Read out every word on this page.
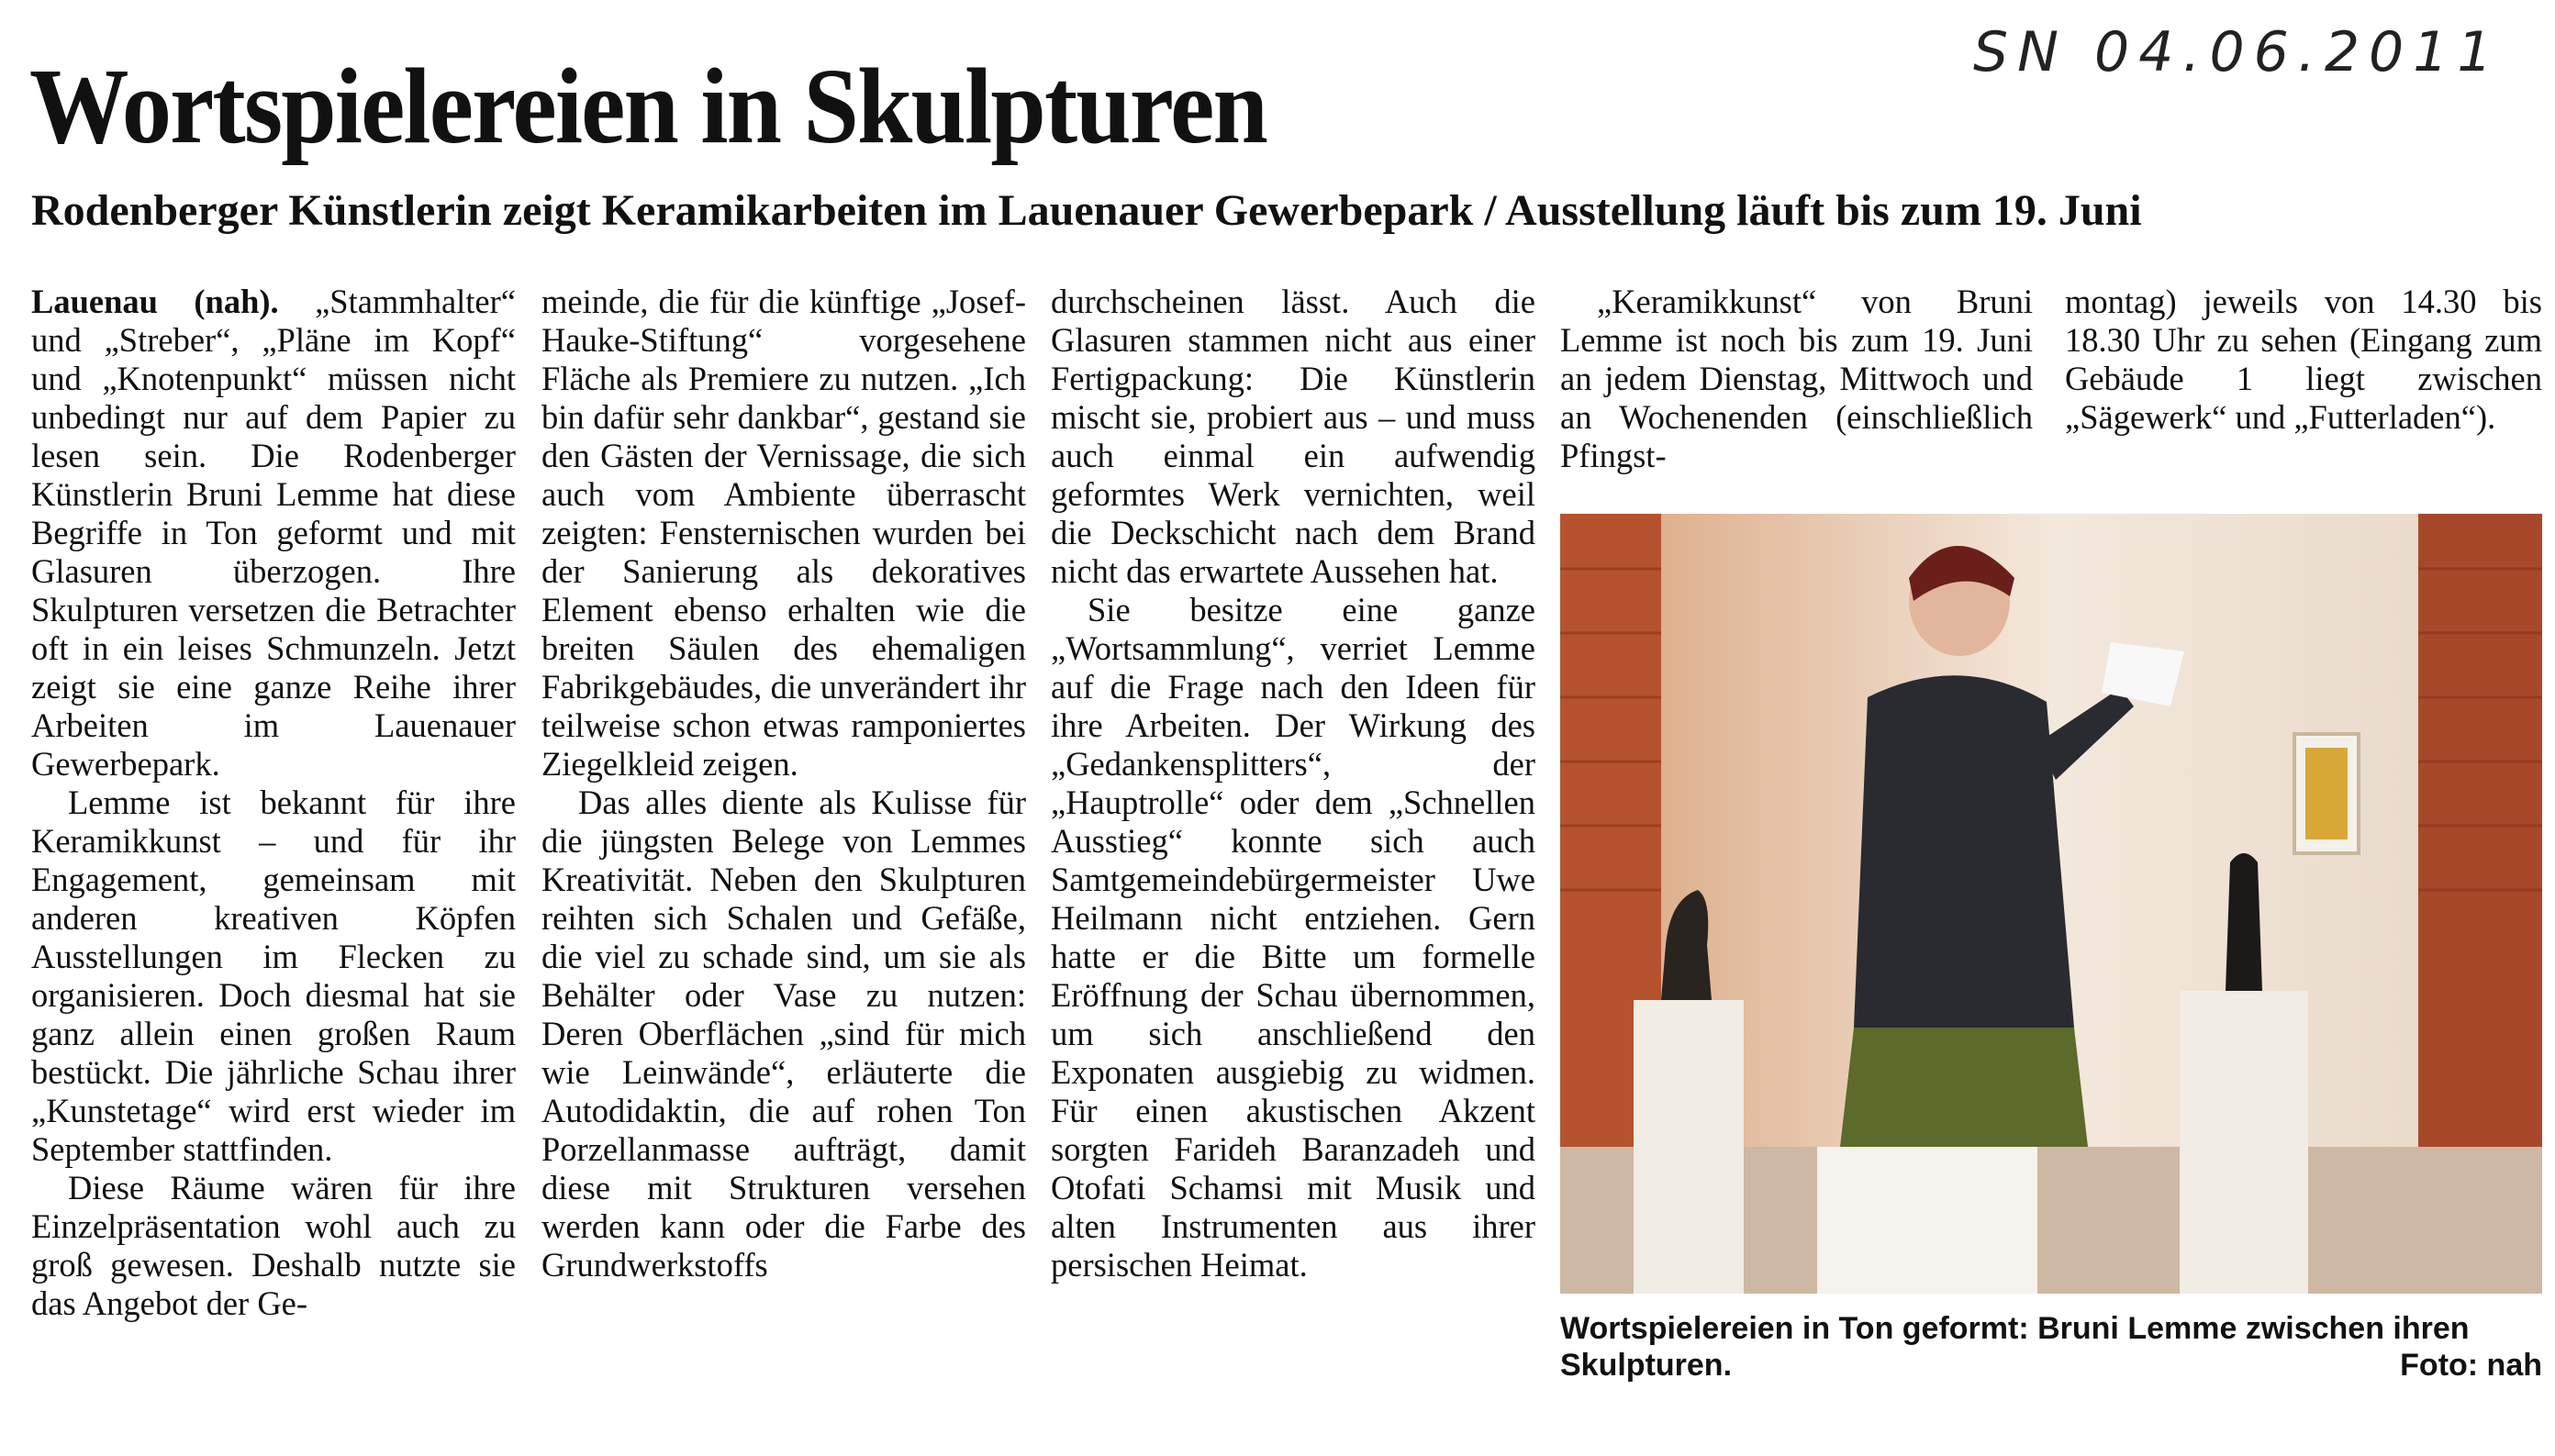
SN 04.06.2011
Wortspielereien in Skulpturen
Rodenberger Künstlerin zeigt Keramikarbeiten im Lauenauer Gewerbepark / Ausstellung läuft bis zum 19. Juni

Lauenau (nah). „Stammhalter“ und „Streber“, „Pläne im Kopf“ und „Knotenpunkt“ müssen nicht unbedingt nur auf dem Papier zu lesen sein. Die Rodenberger Künstlerin Bruni Lemme hat diese Begriffe in Ton geformt und mit Glasuren überzogen. Ihre Skulpturen versetzen die Betrachter oft in ein leises Schmunzeln. Jetzt zeigt sie eine ganze Reihe ihrer Arbeiten im Lauenauer Gewerbepark.

Lemme ist bekannt für ihre Keramikkunst – und für ihr Engagement, gemeinsam mit anderen kreativen Köpfen Ausstellungen im Flecken zu organisieren. Doch diesmal hat sie ganz allein einen großen Raum bestückt. Die jährliche Schau ihrer „Kunstetage“ wird erst wieder im September stattfinden.

Diese Räume wären für ihre Einzelpräsentation wohl auch zu groß gewesen. Deshalb nutzte sie das Angebot der Ge-

meinde, die für die künftige „Josef-Hauke-Stiftung“ vorgesehene Fläche als Premiere zu nutzen. „Ich bin dafür sehr dankbar“, gestand sie den Gästen der Vernissage, die sich auch vom Ambiente überrascht zeigten: Fensternischen wurden bei der Sanierung als dekoratives Element ebenso erhalten wie die breiten Säulen des ehemaligen Fabrikgebäudes, die unverändert ihr teilweise schon etwas ramponiertes Ziegelkleid zeigen.

Das alles diente als Kulisse für die jüngsten Belege von Lemmes Kreativität. Neben den Skulpturen reihten sich Schalen und Gefäße, die viel zu schade sind, um sie als Behälter oder Vase zu nutzen: Deren Oberflächen „sind für mich wie Leinwände“, erläuterte die Autodidaktin, die auf rohen Ton Porzellanmasse aufträgt, damit diese mit Strukturen versehen werden kann oder die Farbe des Grundwerkstoffs

durchscheinen lässt. Auch die Glasuren stammen nicht aus einer Fertigpackung: Die Künstlerin mischt sie, probiert aus – und muss auch einmal ein aufwendig geformtes Werk vernichten, weil die Deckschicht nach dem Brand nicht das erwartete Aussehen hat.

Sie besitze eine ganze „Wortsammlung“, verriet Lemme auf die Frage nach den Ideen für ihre Arbeiten. Der Wirkung des „Gedankensplitters“, der „Hauptrolle“ oder dem „Schnellen Ausstieg“ konnte sich auch Samtgemeindebürgermeister Uwe Heilmann nicht entziehen. Gern hatte er die Bitte um formelle Eröffnung der Schau übernommen, um sich anschließend den Exponaten ausgiebig zu widmen. Für einen akustischen Akzent sorgten Farideh Baranzadeh und Otofati Schamsi mit Musik und alten Instrumenten aus ihrer persischen Heimat.

„Keramikkunst“ von Bruni Lemme ist noch bis zum 19. Juni an jedem Dienstag, Mittwoch und an Wochenenden (einschließlich Pfingst-

montag) jeweils von 14.30 bis 18.30 Uhr zu sehen (Eingang zum Gebäude 1 liegt zwischen „Sägewerk“ und „Futterladen“).

Wortspielereien in Ton geformt: Bruni Lemme zwischen ihren Skulpturen.	Foto: nah
